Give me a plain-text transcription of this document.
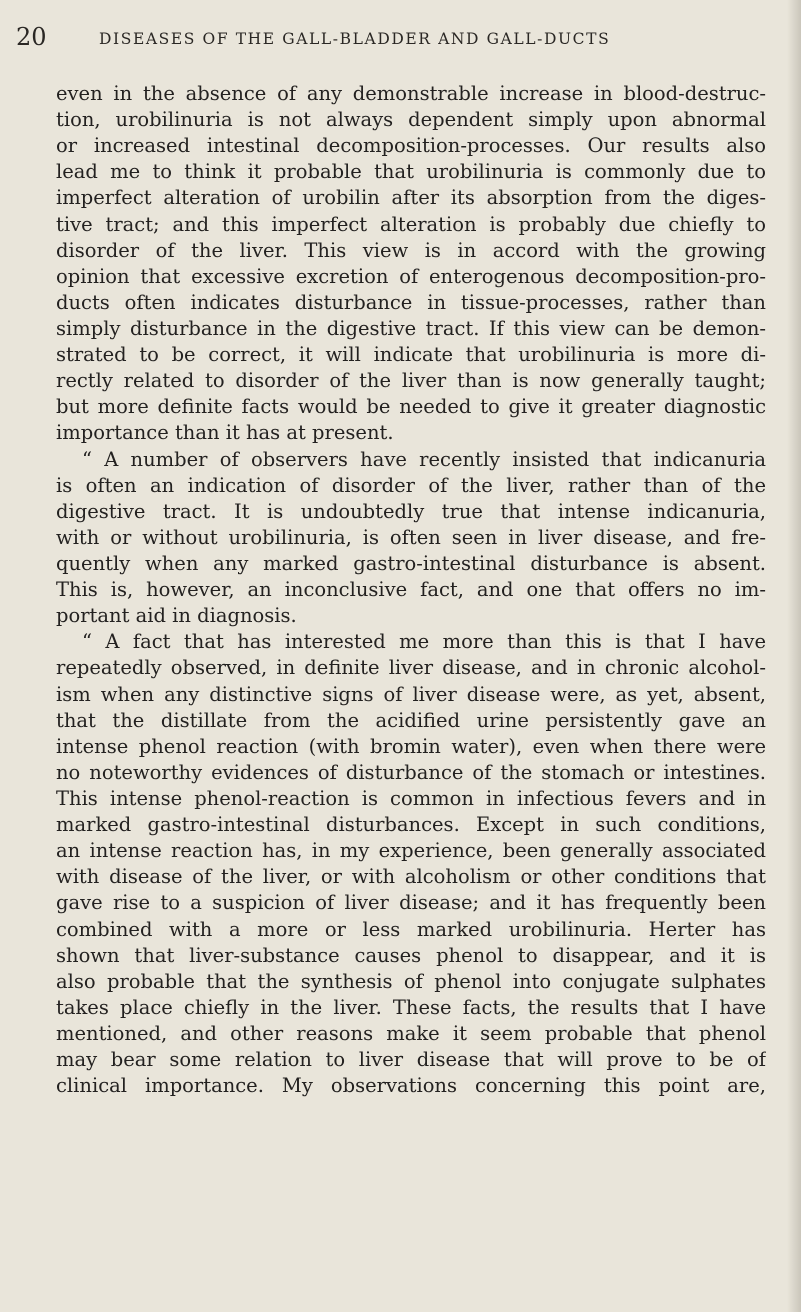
20	DISEASES OF THE GALL-BLADDER AND GALL-DUCTS
even in the absence of any demonstrable increase in blood-destruc-
tion, urobilinuria is not always dependent simply upon abnormal
or increased intestinal decomposition-processes. Our results also
lead me to think it probable that urobilinuria is commonly due to
imperfect alteration of urobilin after its absorption from the diges-
tive tract; and this imperfect alteration is probably due chiefly to
disorder of the liver. This view is in accord with the growing
opinion that excessive excretion of enterogenous decomposition-pro-
ducts often indicates disturbance in tissue-processes, rather than
simply disturbance in the digestive tract. If this view can be demon-
strated to be correct, it will indicate that urobilinuria is more di-
rectly related to disorder of the liver than is now generally taught;
but more definite facts would be needed to give it greater diagnostic
importance than it has at present.
“ A number of observers have recently insisted that indicanuria
is often an indication of disorder of the liver, rather than of the
digestive tract. It is undoubtedly true that intense indicanuria,
with or without urobilinuria, is often seen in liver disease, and fre-
quently when any marked gastro-intestinal disturbance is absent.
This is, however, an inconclusive fact, and one that offers no im-
portant aid in diagnosis.
“ A fact that has interested me more than this is that I have
repeatedly observed, in definite liver disease, and in chronic alcohol-
ism when any distinctive signs of liver disease were, as yet, absent,
that the distillate from the acidified urine persistently gave an
intense phenol reaction (with bromin water), even when there were
no noteworthy evidences of disturbance of the stomach or intestines.
This intense phenol-reaction is common in infectious fevers and in
marked gastro-intestinal disturbances. Except in such conditions,
an intense reaction has, in my experience, been generally associated
with disease of the liver, or with alcoholism or other conditions that
gave rise to a suspicion of liver disease; and it has frequently been
combined with a more or less marked urobilinuria. Herter has
shown that liver-substance causes phenol to disappear, and it is
also probable that the synthesis of phenol into conjugate sulphates
takes place chiefly in the liver. These facts, the results that I have
mentioned, and other reasons make it seem probable that phenol
may bear some relation to liver disease that will prove to be of
clinical importance. My observations concerning this point are,
